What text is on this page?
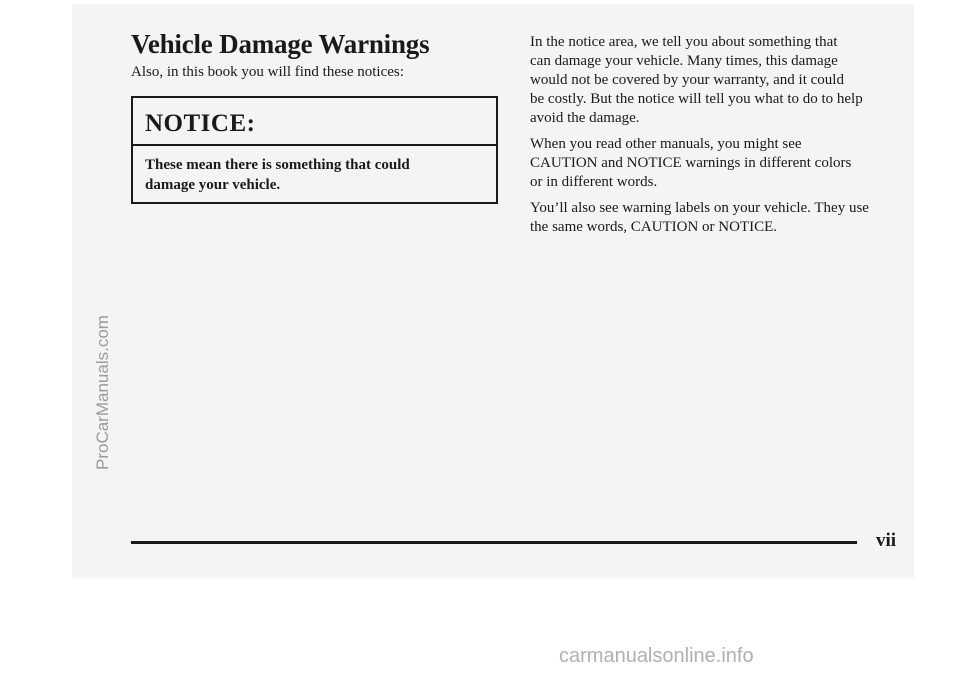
ProCarManuals.com
Vehicle Damage Warnings

Also, in this book you will find these notices:

NOTICE:
These mean there is something that could
damage your vehicle.
In the notice area, we tell you about something that
can damage your vehicle. Many times, this damage
would not be covered by your warranty, and it could
be costly. But the notice will tell you what to do to help
avoid the damage.
When you read other manuals, you might see
CAUTION and NOTICE warnings in different colors
or in different words.
You’ll also see warning labels on your vehicle. They use
the same words, CAUTION or NOTICE.
vii
carmanualsonline.info
